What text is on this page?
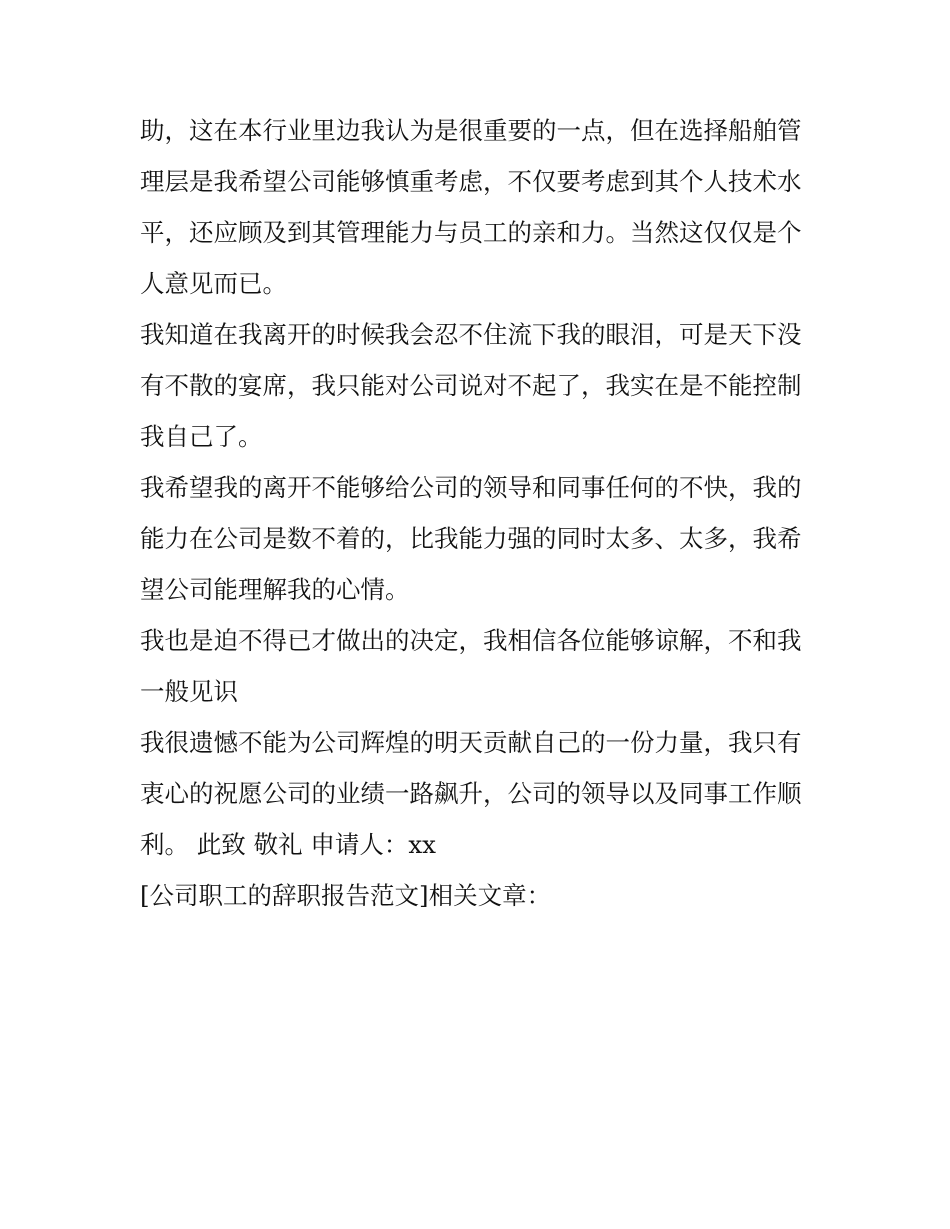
助，这在本行业里边我认为是很重要的一点，但在选择船舶管
理层是我希望公司能够慎重考虑，不仅要考虑到其个人技术水
平，还应顾及到其管理能力与员工的亲和力。当然这仅仅是个
人意见而已。
我知道在我离开的时候我会忍不住流下我的眼泪，可是天下没
有不散的宴席，我只能对公司说对不起了，我实在是不能控制
我自己了。
我希望我的离开不能够给公司的领导和同事任何的不快，我的
能力在公司是数不着的，比我能力强的同时太多、太多，我希
望公司能理解我的心情。
我也是迫不得已才做出的决定，我相信各位能够谅解，不和我
一般见识
我很遗憾不能为公司辉煌的明天贡献自己的一份力量，我只有
衷心的祝愿公司的业绩一路飙升，公司的领导以及同事工作顺
利。 此致 敬礼 申请人：xx
[公司职工的辞职报告范文]相关文章：
